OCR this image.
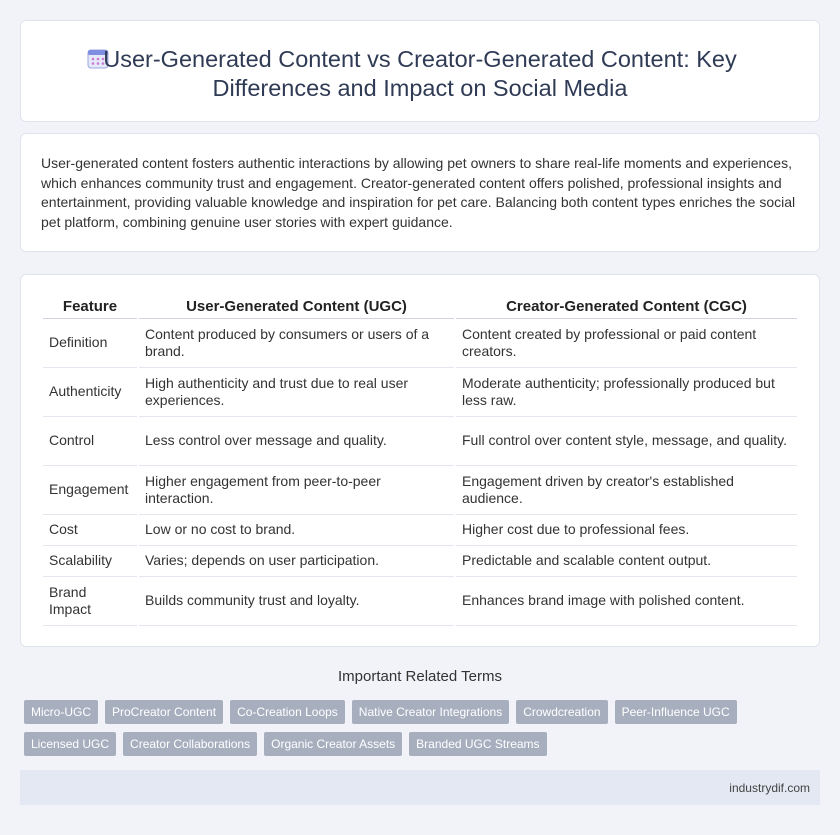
User-Generated Content vs Creator-Generated Content: Key Differences and Impact on Social Media

User-generated content fosters authentic interactions by allowing pet owners to share real-life moments and experiences, which enhances community trust and engagement. Creator-generated content offers polished, professional insights and entertainment, providing valuable knowledge and inspiration for pet care. Balancing both content types enriches the social pet platform, combining genuine user stories with expert guidance.

Feature	User-Generated Content (UGC)	Creator-Generated Content (CGC)
Definition	Content produced by consumers or users of a brand.	Content created by professional or paid content creators.
Authenticity	High authenticity and trust due to real user experiences.	Moderate authenticity; professionally produced but less raw.
Control	Less control over message and quality.	Full control over content style, message, and quality.
Engagement	Higher engagement from peer-to-peer interaction.	Engagement driven by creator's established audience.
Cost	Low or no cost to brand.	Higher cost due to professional fees.
Scalability	Varies; depends on user participation.	Predictable and scalable content output.
Brand Impact	Builds community trust and loyalty.	Enhances brand image with polished content.
Important Related Terms
Micro-UGC ProCreator Content Co-Creation Loops Native Creator Integrations Crowdcreation Peer-Influence UGC
Licensed UGC Creator Collaborations Organic Creator Assets Branded UGC Streams
industrydif.com
